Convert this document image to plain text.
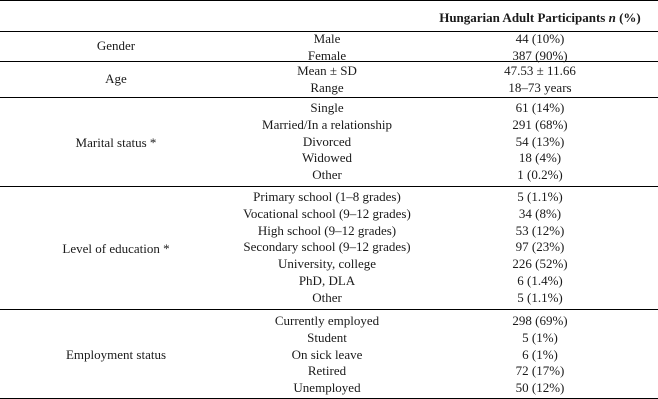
Hungarian Adult Participants n (%)
Gender	Male
Female
44 (10%)
387 (90%)
Age
Mean ± SD
Range
47.53 ± 11.66
18–73 years
Marital status *
Single
Married/In a relationship
Divorced
Widowed
Other
61 (14%)
291 (68%)
54 (13%)
18 (4%)
1 (0.2%)
Level of education *
Primary school (1–8 grades)
Vocational school (9–12 grades)
High school (9–12 grades)
Secondary school (9–12 grades)
University, college
PhD, DLA
Other
5 (1.1%)
34 (8%)
53 (12%)
97 (23%)
226 (52%)
6 (1.4%)
5 (1.1%)
Employment status
Currently employed
Student
On sick leave
Retired
Unemployed
298 (69%)
5 (1%)
6 (1%)
72 (17%)
50 (12%)
